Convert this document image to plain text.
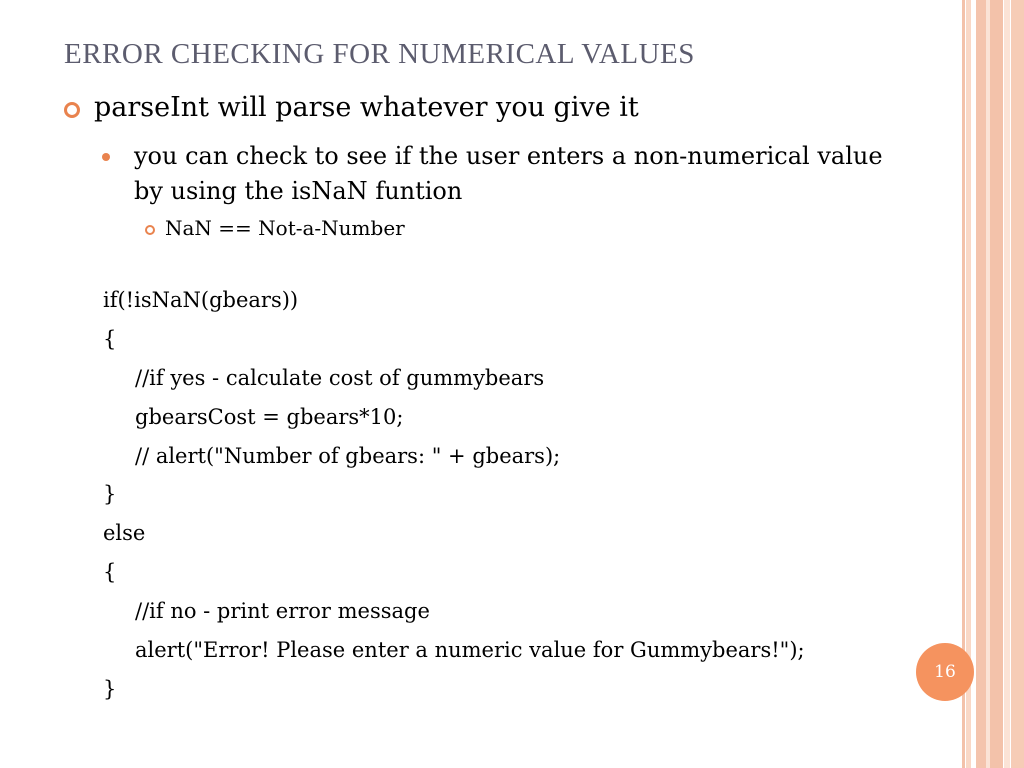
ERROR CHECKING FOR NUMERICAL VALUES
parseInt will parse whatever you give it
you can check to see if the user enters a non-numerical value by using the isNaN funtion
NaN == Not-a-Number
if(!isNaN(gbears))
{
//if yes - calculate cost of gummybears
gbearsCost = gbears*10;
// alert("Number of gbears: " + gbears);
}
else
{
//if no - print error message
alert("Error! Please enter a numeric value for Gummybears!");
}
16
